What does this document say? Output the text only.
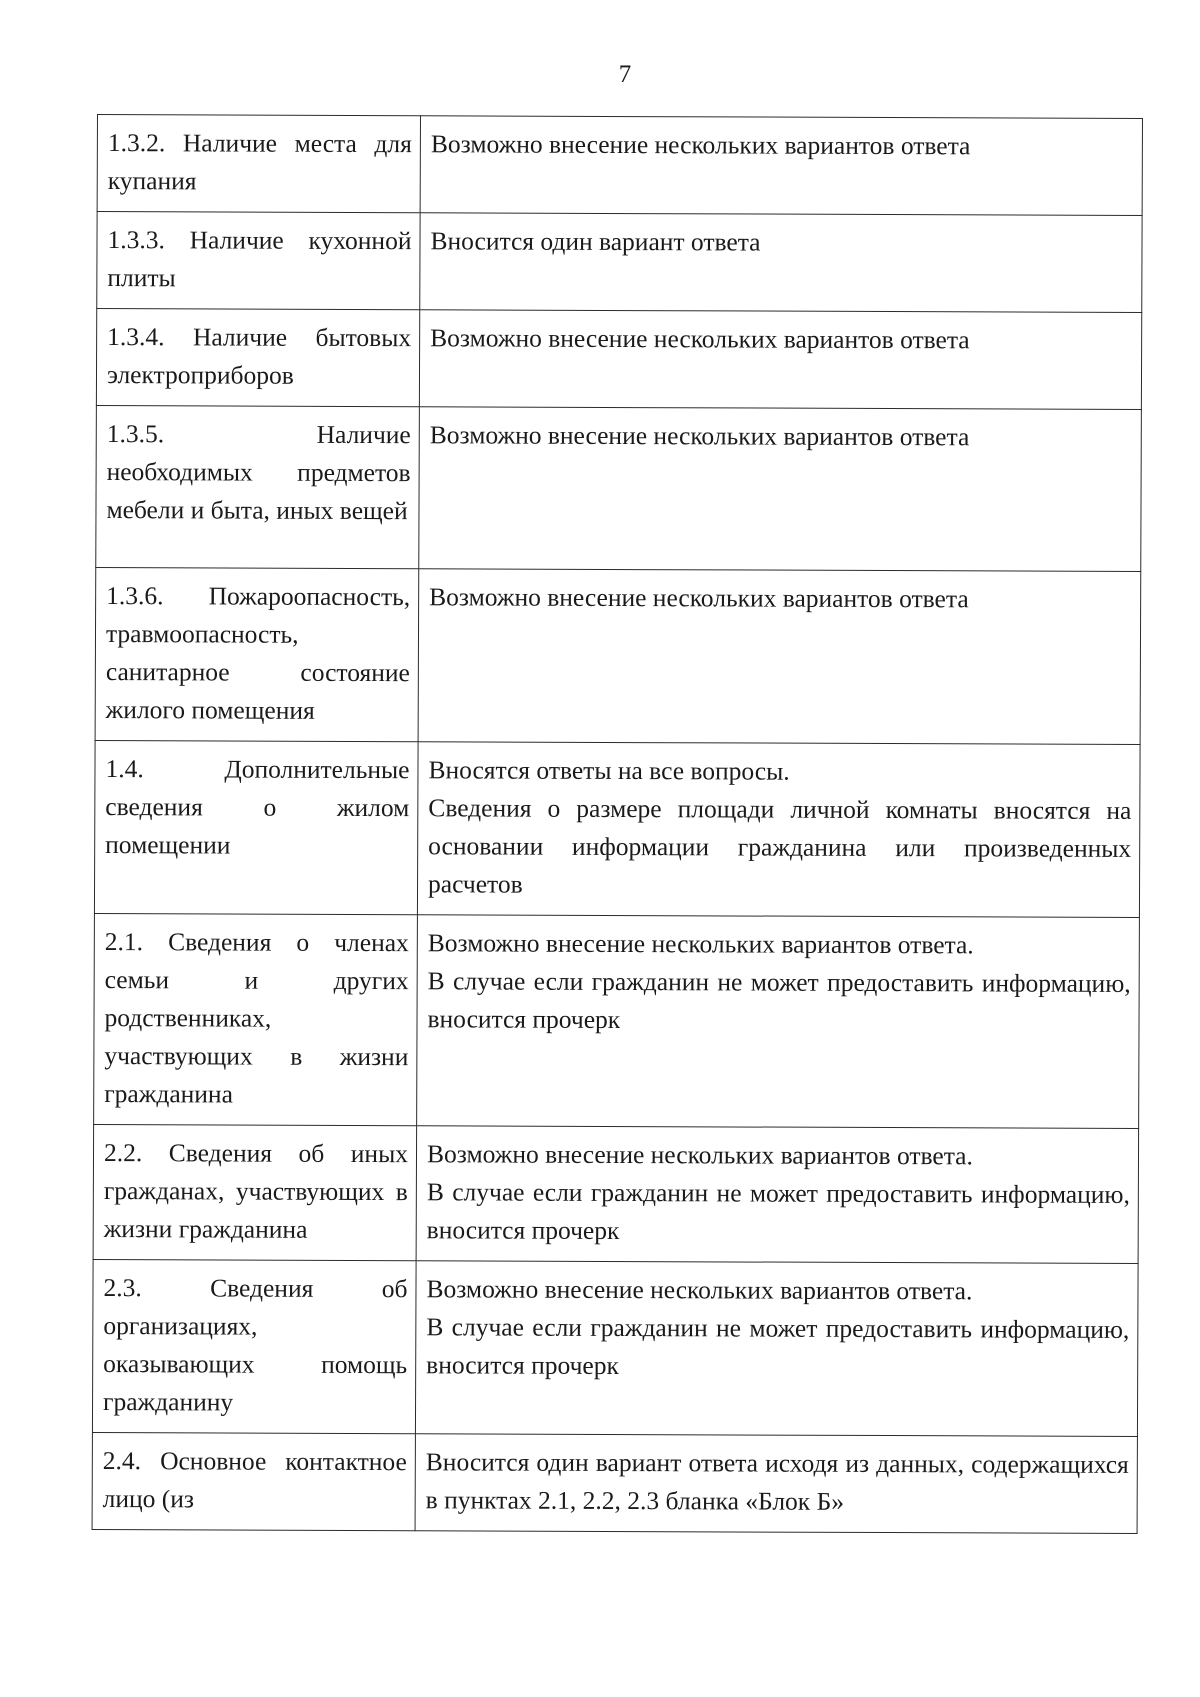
7
1.3.2. Наличие места для купания	Возможно внесение нескольких вариантов ответа
1.3.3. Наличие кухонной плиты	Вносится один вариант ответа
1.3.4. Наличие бытовых электроприборов	Возможно внесение нескольких вариантов ответа
1.3.5. Наличие необходимых предметов мебели и быта, иных вещей	Возможно внесение нескольких вариантов ответа
1.3.6. Пожароопасность, травмоопасность, санитарное состояние жилого помещения	Возможно внесение нескольких вариантов ответа
1.4. Дополнительные сведения о жилом помещении	Вносятся ответы на все вопросы.
Сведения о размере площади личной комнаты вносятся на основании информации гражданина или произведенных расчетов

2.1. Сведения о членах семьи и других родственниках, участвующих в жизни гражданина	Возможно внесение нескольких вариантов ответа.
В случае если гражданин не может предоставить информацию, вносится прочерк

2.2. Сведения об иных гражданах, участвующих в жизни гражданина	Возможно внесение нескольких вариантов ответа.
В случае если гражданин не может предоставить информацию, вносится прочерк

2.3. Сведения об организациях, оказывающих помощь гражданину	Возможно внесение нескольких вариантов ответа.
В случае если гражданин не может предоставить информацию, вносится прочерк

2.4. Основное контактное лицо (из	Вносится один вариант ответа исходя из данных, содержащихся в пунктах 2.1, 2.2, 2.3 бланка «Блок Б»
